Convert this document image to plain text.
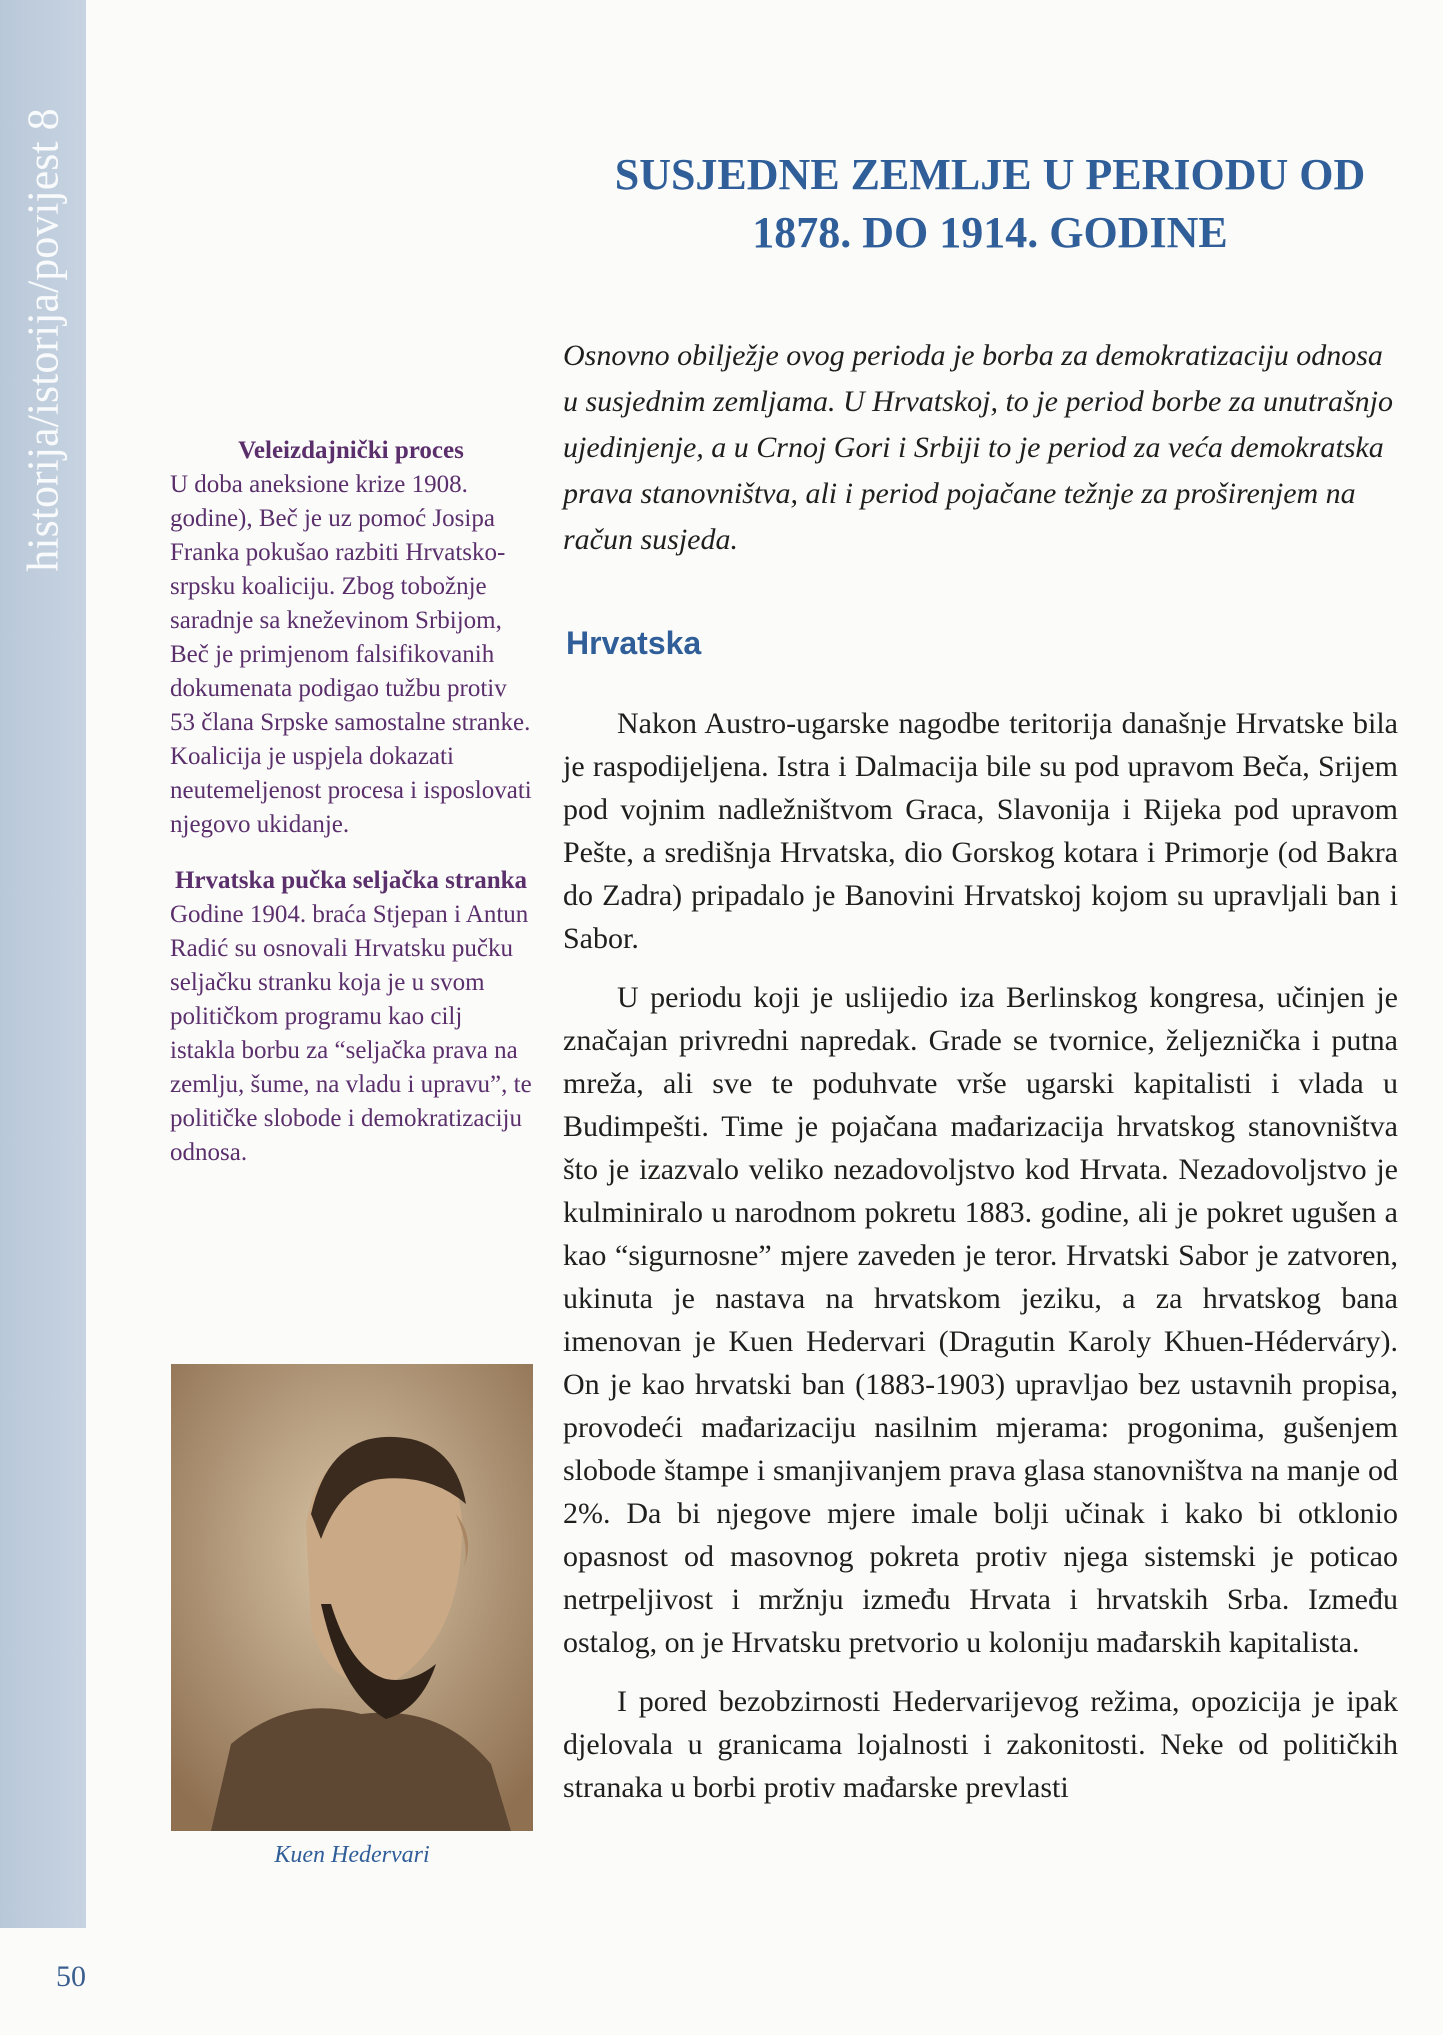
historija/istorija/povijest 8	SUSJEDNE ZEMLJE U PERIODU OD 1878. DO 1914. GODINE

Osnovno obilježje ovog perioda je borba za demokratizaciju odnosa u susjednim zemljama. U Hrvatskoj, to je period borbe za unutrašnjo ujedinjenje, a u Crnoj Gori i Srbiji to je period za veća demokratska prava stanovništva, ali i period pojačane težnje za proširenjem na račun susjeda.

Hrvatska

Nakon Austro-ugarske nagodbe teritorija današnje Hrvatske bila je raspodijeljena. Istra i Dalmacija bile su pod upravom Beča, Srijem pod vojnim nadležništvom Graca, Slavonija i Rijeka pod upravom Pešte, a središnja Hrvatska, dio Gorskog kotara i Primorje (od Bakra do Zadra) pripadalo je Banovini Hrvatskoj kojom su upravljali ban i Sabor.

U periodu koji je uslijedio iza Berlinskog kongresa, učinjen je značajan privredni napredak. Grade se tvornice, željeznička i putna mreža, ali sve te poduhvate vrše ugarski kapitalisti i vlada u Budimpešti. Time je pojačana mađarizacija hrvatskog stanovništva što je izazvalo veliko nezadovoljstvo kod Hrvata. Nezadovoljstvo je kulminiralo u narodnom pokretu 1883. godine, ali je pokret ugušen a kao “sigurnosne” mjere zaveden je teror. Hrvatski Sabor je zatvoren, ukinuta je nastava na hrvatskom jeziku, a za hrvatskog bana imenovan je Kuen Hedervari (Dragutin Karoly Khuen-Héderváry). On je kao hrvatski ban (1883-1903) upravljao bez ustavnih propisa, provodeći mađarizaciju nasilnim mjerama: progonima, gušenjem slobode štampe i smanjivanjem prava glasa stanovništva na manje od 2%. Da bi njegove mjere imale bolji učinak i kako bi otklonio opasnost od masovnog pokreta protiv njega sistemski je poticao netrpeljivost i mržnju između Hrvata i hrvatskih Srba. Između ostalog, on je Hrvatsku pretvorio u koloniju mađarskih kapitalista.

I pored bezobzirnosti Hedervarijevog režima, opozicija je ipak djelovala u granicama lojalnosti i zakonitosti. Neke od političkih stranaka u borbi protiv mađarske prevlasti

Veleizdajnički proces

U doba aneksione krize 1908. godine), Beč je uz pomoć Josipa Franka pokušao razbiti Hrvatsko-srpsku koaliciju. Zbog tobožnje saradnje sa kneževinom Srbijom, Beč je primjenom falsifikovanih dokumenata podigao tužbu protiv 53 člana Srpske samostalne stranke. Koalicija je uspjela dokazati neutemeljenost procesa i isposlovati njegovo ukidanje.

Hrvatska pučka seljačka stranka

Godine 1904. braća Stjepan i Antun Radić su osnovali Hrvatsku pučku seljačku stranku koja je u svom političkom programu kao cilj istakla borbu za “seljačka prava na zemlju, šume, na vladu i upravu”, te političke slobode i demokratizaciju odnosa.

Kuen Hedervari
50
